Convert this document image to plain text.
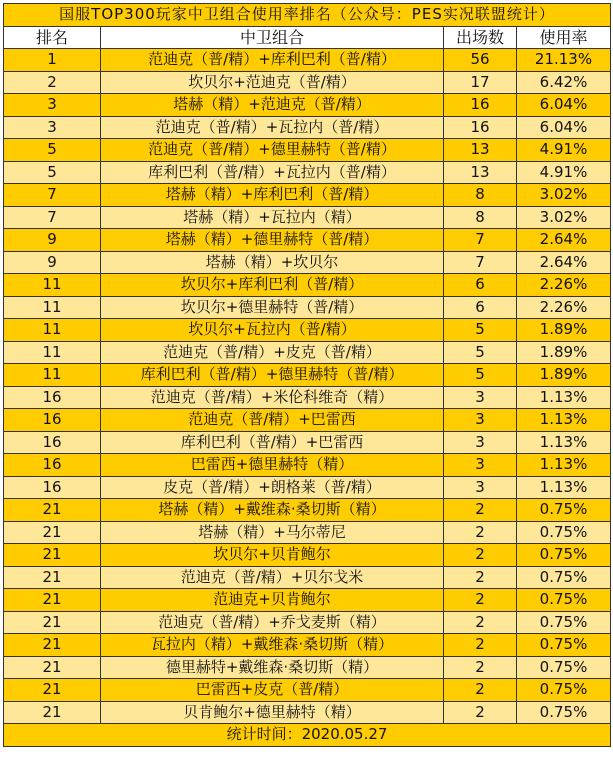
国服TOP300玩家中卫组合使用率排名（公众号：PES实况联盟统计）			
排名	中卫组合	出场数	使用率
1	范迪克（普/精）+库利巴利（普/精）	56	21.13%
2	坎贝尔+范迪克（普/精）	17	6.42%
3	塔赫（精）+范迪克（普/精）	16	6.04%
3	范迪克（普/精）+瓦拉内（普/精）	16	6.04%
5	范迪克（普/精）+德里赫特（普/精）	13	4.91%
5	库利巴利（普/精）+瓦拉内（普/精）	13	4.91%
7	塔赫（精）+库利巴利（普/精）	8	3.02%
7	塔赫（精）+瓦拉内（精）	8	3.02%
9	塔赫（精）+德里赫特（普/精）	7	2.64%
9	塔赫（精）+坎贝尔	7	2.64%
11	坎贝尔+库利巴利（普/精）	6	2.26%
11	坎贝尔+德里赫特（普/精）	6	2.26%
11	坎贝尔+瓦拉内（普/精）	5	1.89%
11	范迪克（普/精）+皮克（普/精）	5	1.89%
11	库利巴利（普/精）+德里赫特（普/精）	5	1.89%
16	范迪克（普/精）+米伦科维奇（精）	3	1.13%
16	范迪克（普/精）+巴雷西	3	1.13%
16	库利巴利（普/精）+巴雷西	3	1.13%
16	巴雷西+德里赫特（精）	3	1.13%
16	皮克（普/精）+朗格莱（普/精）	3	1.13%
21	塔赫（精）+戴维森·桑切斯（精）	2	0.75%
21	塔赫（精）+马尔蒂尼	2	0.75%
21	坎贝尔+贝肯鲍尔	2	0.75%
21	范迪克（普/精）+贝尔戈米	2	0.75%
21	范迪克+贝肯鲍尔	2	0.75%
21	范迪克（普/精）+乔戈麦斯（精）	2	0.75%
21	瓦拉内（精）+戴维森·桑切斯（精）	2	0.75%
21	德里赫特+戴维森·桑切斯（精）	2	0.75%
21	巴雷西+皮克（普/精）	2	0.75%
21	贝肯鲍尔+德里赫特（精）	2	0.75%
统计时间：2020.05.27			
